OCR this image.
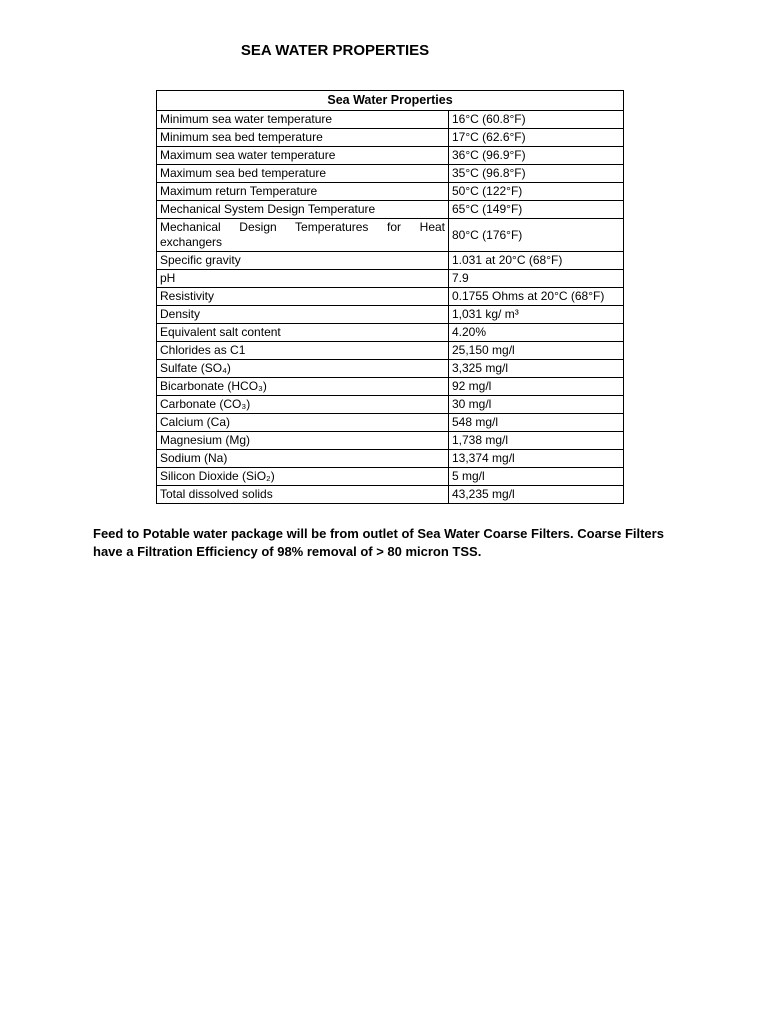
SEA WATER PROPERTIES
Sea Water Properties	
Minimum sea water temperature	16°C (60.8°F)
Minimum sea bed temperature	17°C (62.6°F)
Maximum sea water temperature	36°C (96.9°F)
Maximum sea bed temperature	35°C (96.8°F)
Maximum return Temperature	50°C (122°F)
Mechanical System Design Temperature	65°C (149°F)
Mechanical Design Temperatures for Heat exchangers	80°C (176°F)
Specific gravity	1.031 at 20°C (68°F)
pH	7.9
Resistivity	0.1755 Ohms at 20°C (68°F)
Density	1,031 kg/ m³
Equivalent salt content	4.20%
Chlorides as C1	25,150 mg/l
Sulfate (SO₄)	3,325 mg/l
Bicarbonate (HCO₃)	92 mg/l
Carbonate (CO₃)	30 mg/l
Calcium (Ca)	548 mg/l
Magnesium (Mg)	1,738 mg/l
Sodium (Na)	13,374 mg/l
Silicon Dioxide (SiO₂)	5 mg/l
Total dissolved solids	43,235 mg/l
Feed to Potable water package will be from outlet of Sea Water Coarse Filters. Coarse Filters have a Filtration Efficiency of 98% removal of > 80 micron TSS.
